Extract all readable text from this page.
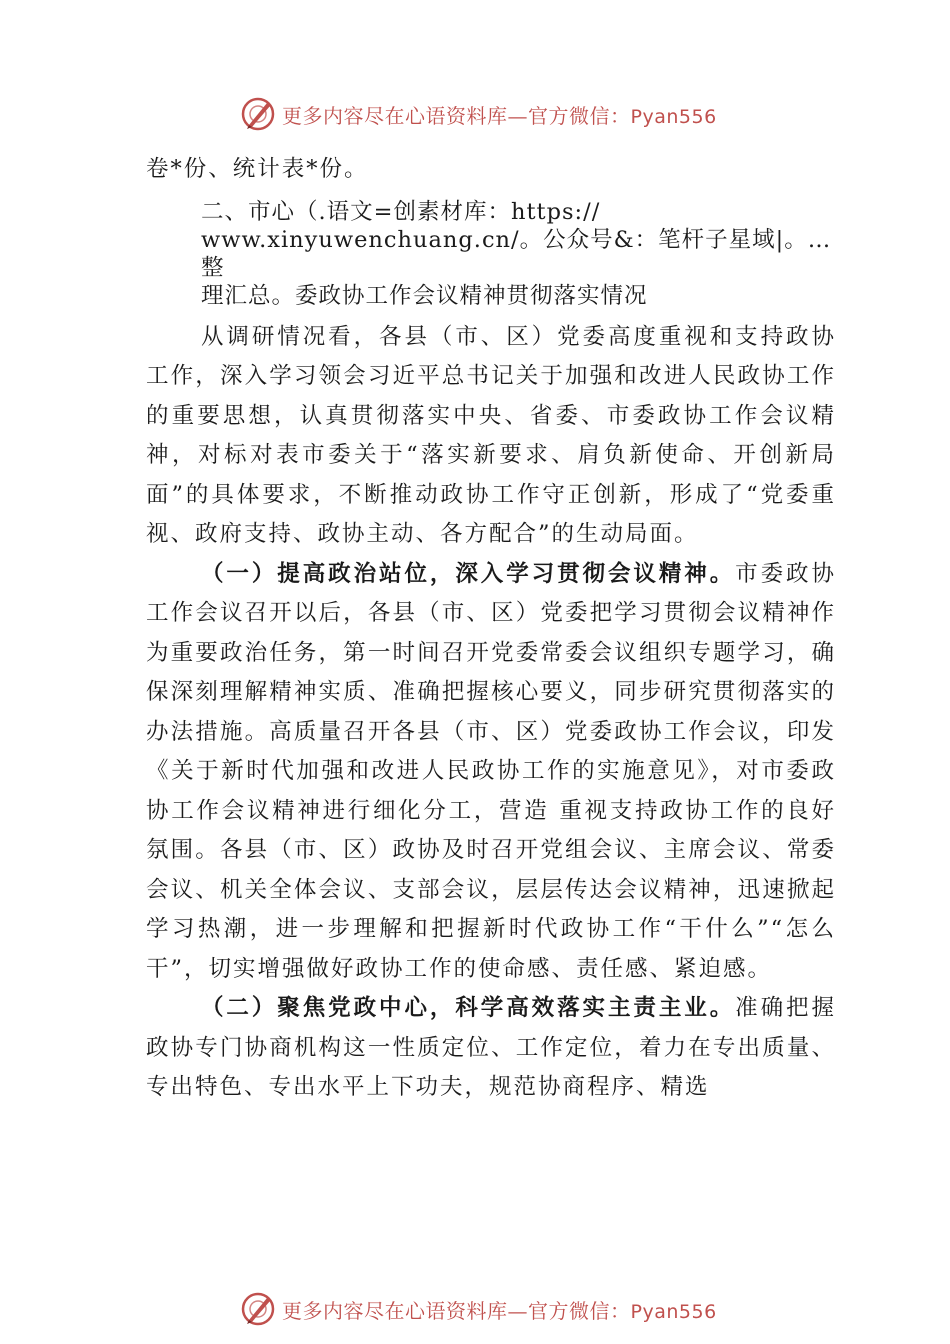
更多内容尽在心语资料库—官方微信：Pyan556

卷*份、统计表*份。

二、市心（.语文=创素材库：https://
www.xinyuwenchuang.cn/。公众号&：笔杆子星域|。…整
理汇总。委政协工作会议精神贯彻落实情况

从调研情况看，各县（市、区）党委高度重视和支持政协工作，深入学习领会习近平总书记关于加强和改进人民政协工作的重要思想，认真贯彻落实中央、省委、市委政协工作会议精神，对标对表市委关于“落实新要求、肩负新使命、开创新局面”的具体要求，不断推动政协工作守正创新，形成了“党委重视、政府支持、政协主动、各方配合”的生动局面。

（一）提高政治站位，深入学习贯彻会议精神。市委政协工作会议召开以后，各县（市、区）党委把学习贯彻会议精神作为重要政治任务，第一时间召开党委常委会议组织专题学习，确保深刻理解精神实质、准确把握核心要义，同步研究贯彻落实的办法措施。高质量召开各县（市、区）党委政协工作会议，印发《关于新时代加强和改进人民政协工作的实施意见》，对市委政协工作会议精神进行细化分工，营造 重视支持政协工作的良好氛围。各县（市、区）政协及时召开党组会议、主席会议、常委会议、机关全体会议、支部会议，层层传达会议精神，迅速掀起学习热潮，进一步理解和把握新时代政协工作“干什么”“怎么干”，切实增强做好政协工作的使命感、责任感、紧迫感。

（二）聚焦党政中心，科学高效落实主责主业。准确把握政协专门协商机构这一性质定位、工作定位，着力在专出质量、专出特色、专出水平上下功夫，规范协商程序、精选

更多内容尽在心语资料库—官方微信：Pyan556
